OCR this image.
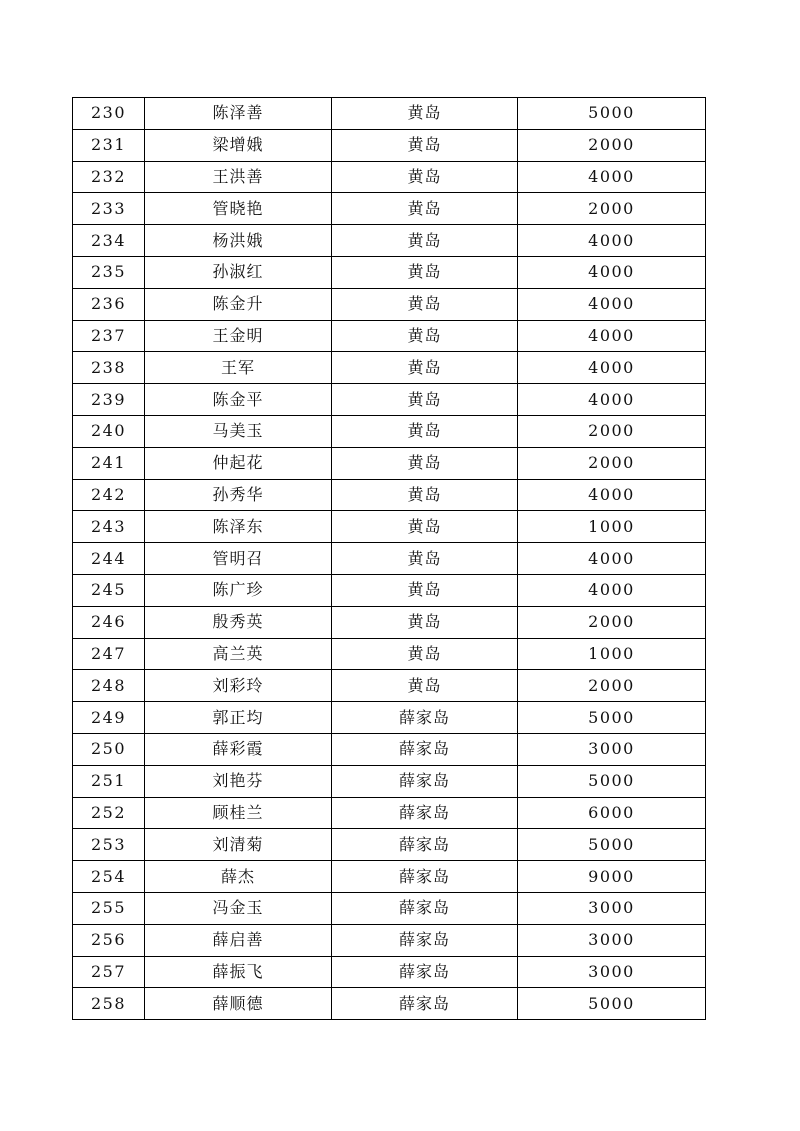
230	陈泽善	黄岛	5000
231	梁增娥	黄岛	2000
232	王洪善	黄岛	4000
233	管晓艳	黄岛	2000
234	杨洪娥	黄岛	4000
235	孙淑红	黄岛	4000
236	陈金升	黄岛	4000
237	王金明	黄岛	4000
238	王军	黄岛	4000
239	陈金平	黄岛	4000
240	马美玉	黄岛	2000
241	仲起花	黄岛	2000
242	孙秀华	黄岛	4000
243	陈泽东	黄岛	1000
244	管明召	黄岛	4000
245	陈广珍	黄岛	4000
246	殷秀英	黄岛	2000
247	高兰英	黄岛	1000
248	刘彩玲	黄岛	2000
249	郭正均	薛家岛	5000
250	薛彩霞	薛家岛	3000
251	刘艳芬	薛家岛	5000
252	顾桂兰	薛家岛	6000
253	刘清菊	薛家岛	5000
254	薛杰	薛家岛	9000
255	冯金玉	薛家岛	3000
256	薛启善	薛家岛	3000
257	薛振飞	薛家岛	3000
258	薛顺德	薛家岛	5000
